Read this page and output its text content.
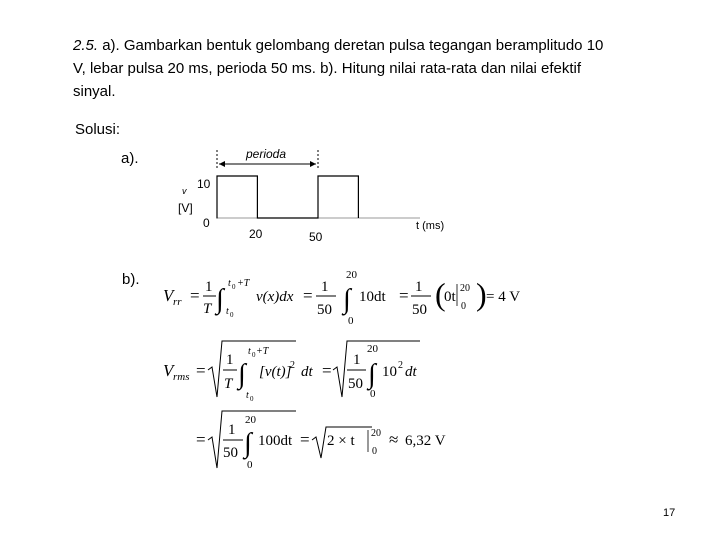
2.5. a). Gambarkan bentuk gelombang deretan pulsa tegangan beramplitudo 10
V, lebar pulsa 20 ms, perioda 50 ms. b). Hitung nilai rata-rata dan nilai efektif
sinyal.
Solusi:
a).
b).
perioda
v 10
[V]
0
20	50
t (ms)
V rr = 1
T ∫
t 0 +T
t 0
v(x)dx = 1
50 ∫
20
0
10dt = 1
50 (
0t
20
0 ) = 4 V
V rms =
1
T ∫
t 0 +T
t 0
[v(t)]
2 dt =
1
50 ∫
20
0
10 2 dt
= 1
50 ∫
20
0
100dt = 2 × t 20
0
≈ 6,32 V
17
